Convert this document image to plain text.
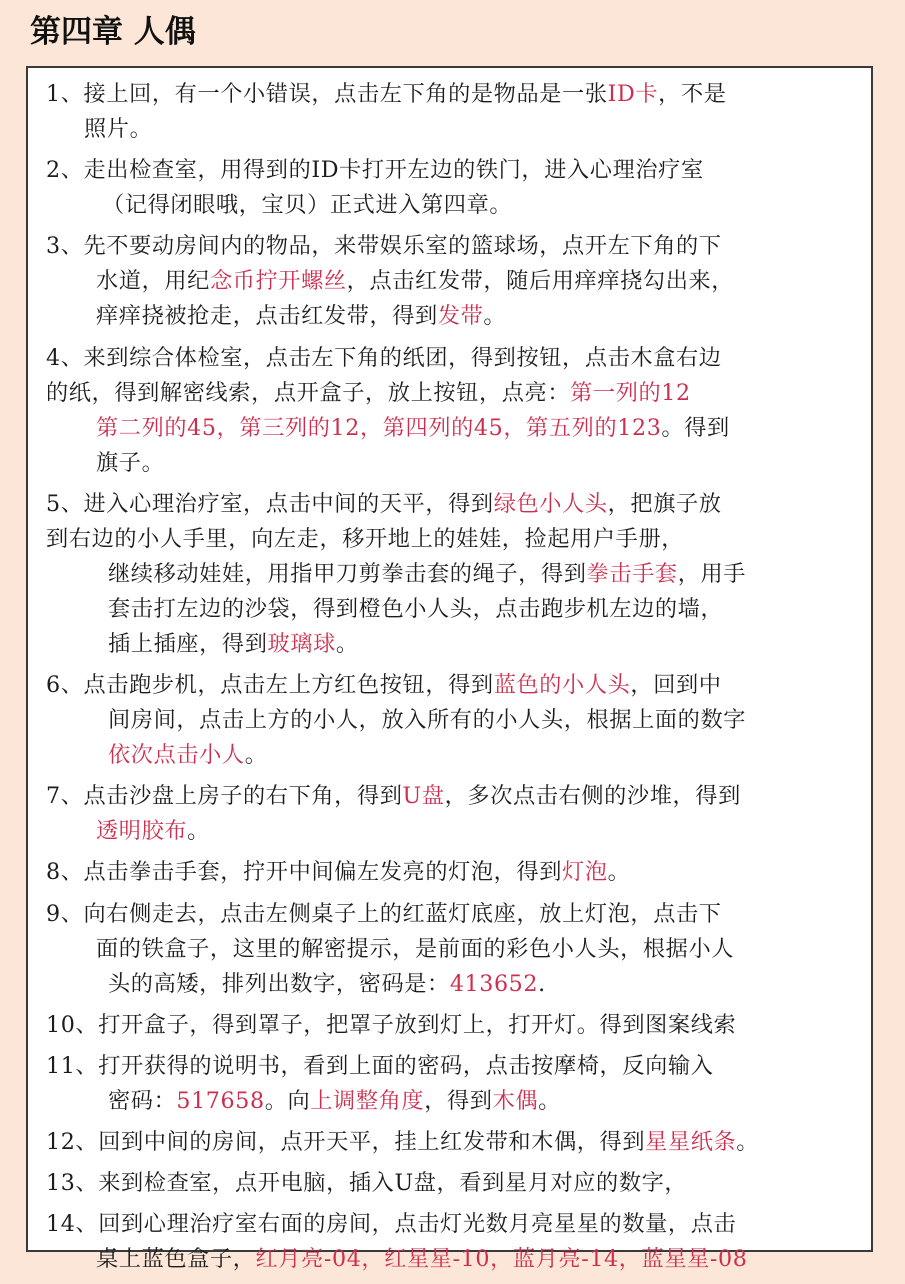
第四章 人偶
1、接上回，有一个小错误，点击左下角的是物品是一张ID卡，不是
照片。
2、走出检查室，用得到的ID卡打开左边的铁门，进入心理治疗室
（记得闭眼哦，宝贝）正式进入第四章。
3、先不要动房间内的物品，来带娱乐室的篮球场，点开左下角的下
水道，用纪念币拧开螺丝，点击红发带，随后用痒痒挠勾出来，
痒痒挠被抢走，点击红发带，得到发带。
4、来到综合体检室，点击左下角的纸团，得到按钮，点击木盒右边
的纸，得到解密线索，点开盒子，放上按钮，点亮：第一列的12
第二列的45，第三列的12，第四列的45，第五列的123。得到
旗子。
5、进入心理治疗室，点击中间的天平，得到绿色小人头，把旗子放
到右边的小人手里，向左走，移开地上的娃娃，捡起用户手册，
继续移动娃娃，用指甲刀剪拳击套的绳子，得到拳击手套，用手
套击打左边的沙袋，得到橙色小人头，点击跑步机左边的墙，
插上插座，得到玻璃球。
6、点击跑步机，点击左上方红色按钮，得到蓝色的小人头，回到中
间房间，点击上方的小人，放入所有的小人头，根据上面的数字
依次点击小人。
7、点击沙盘上房子的右下角，得到U盘，多次点击右侧的沙堆，得到
透明胶布。
8、点击拳击手套，拧开中间偏左发亮的灯泡，得到灯泡。
9、向右侧走去，点击左侧桌子上的红蓝灯底座，放上灯泡，点击下
面的铁盒子，这里的解密提示，是前面的彩色小人头，根据小人
头的高矮，排列出数字，密码是：413652.
10、打开盒子，得到罩子，把罩子放到灯上，打开灯。得到图案线索
11、打开获得的说明书，看到上面的密码，点击按摩椅，反向输入
密码：517658。向上调整角度，得到木偶。
12、回到中间的房间，点开天平，挂上红发带和木偶，得到星星纸条。
13、来到检查室，点开电脑，插入U盘，看到星月对应的数字，
14、回到心理治疗室右面的房间，点击灯光数月亮星星的数量，点击
桌上蓝色盒子，红月亮-04，红星星-10，蓝月亮-14，蓝星星-08
